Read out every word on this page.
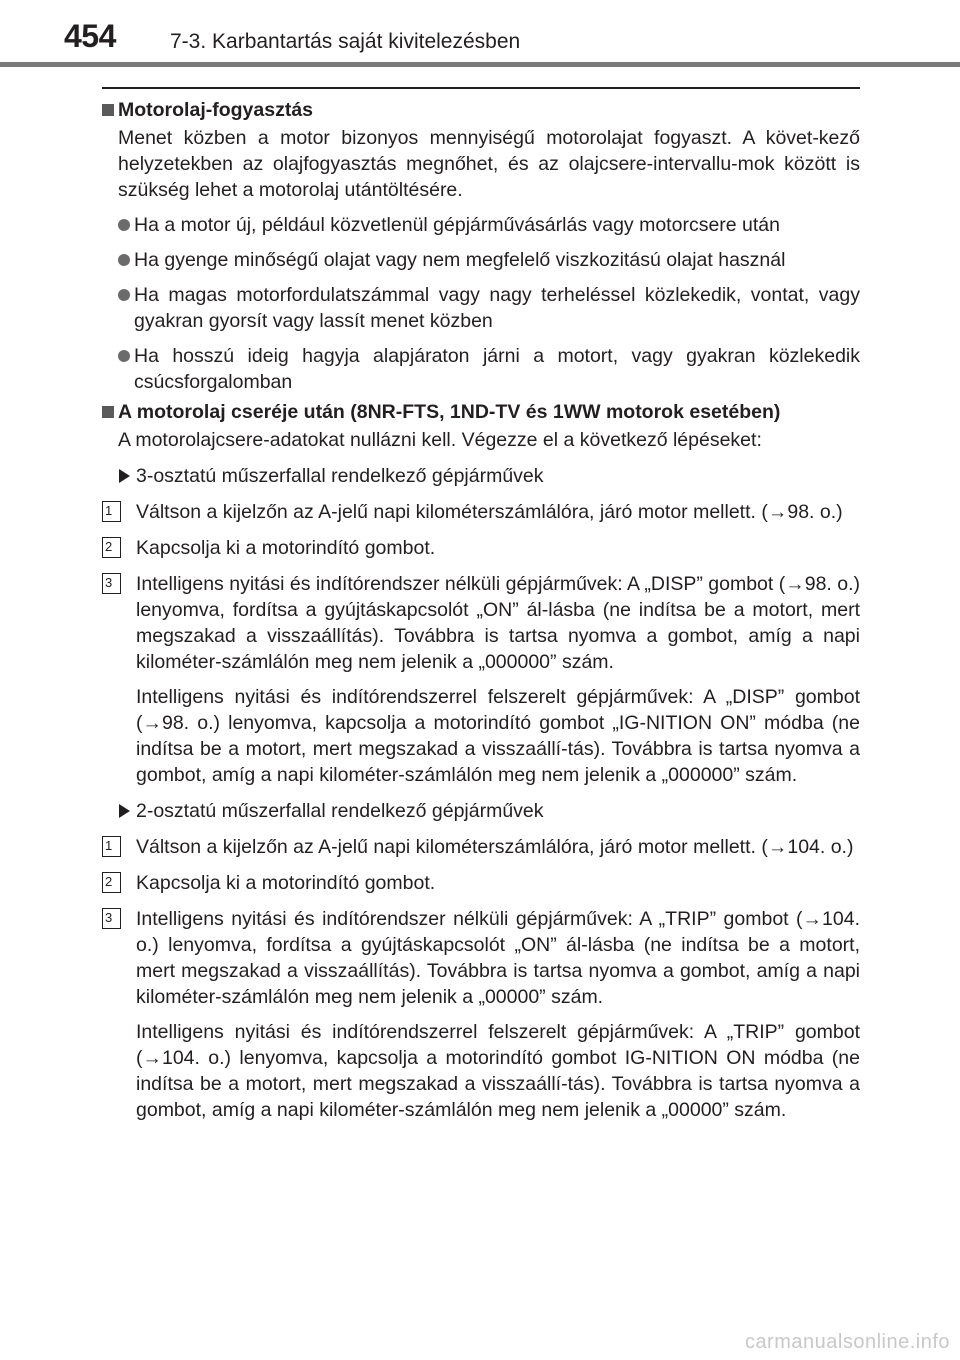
454	7-3. Karbantartás saját kivitelezésben
Motorolaj-fogyasztás
Menet közben a motor bizonyos mennyiségű motorolajat fogyaszt. A követ-kező helyzetekben az olajfogyasztás megnőhet, és az olajcsere-intervallu-mok között is szükség lehet a motorolaj utántöltésére.
Ha a motor új, például közvetlenül gépjárművásárlás vagy motorcsere után
Ha gyenge minőségű olajat vagy nem megfelelő viszkozitású olajat használ
Ha magas motorfordulatszámmal vagy nagy terheléssel közlekedik, vontat, vagy gyakran gyorsít vagy lassít menet közben
Ha hosszú ideig hagyja alapjáraton járni a motort, vagy gyakran közlekedik csúcsforgalomban
A motorolaj cseréje után (8NR-FTS, 1ND-TV és 1WW motorok esetében)
A motorolajcsere-adatokat nullázni kell. Végezze el a következő lépéseket:
3-osztatú műszerfallal rendelkező gépjárművek
1	Váltson a kijelzőn az A-jelű napi kilométerszámlálóra, járó motor mellett. (→98. o.)
2	Kapcsolja ki a motorindító gombot.
3	Intelligens nyitási és indítórendszer nélküli gépjárművek: A „DISP” gombot (→98. o.) lenyomva, fordítsa a gyújtáskapcsolót „ON” ál-lásba (ne indítsa be a motort, mert megszakad a visszaállítás). Továbbra is tartsa nyomva a gombot, amíg a napi kilométer-számlálón meg nem jelenik a „000000” szám.
Intelligens nyitási és indítórendszerrel felszerelt gépjárművek: A „DISP” gombot (→98. o.) lenyomva, kapcsolja a motorindító gombot „IG-NITION ON” módba (ne indítsa be a motort, mert megszakad a visszaállí-tás). Továbbra is tartsa nyomva a gombot, amíg a napi kilométer-számlálón meg nem jelenik a „000000” szám.
2-osztatú műszerfallal rendelkező gépjárművek
1	Váltson a kijelzőn az A-jelű napi kilométerszámlálóra, járó motor mellett. (→104. o.)
2	Kapcsolja ki a motorindító gombot.
3	Intelligens nyitási és indítórendszer nélküli gépjárművek: A „TRIP” gombot (→104. o.) lenyomva, fordítsa a gyújtáskapcsolót „ON” ál-lásba (ne indítsa be a motort, mert megszakad a visszaállítás). Továbbra is tartsa nyomva a gombot, amíg a napi kilométer-számlálón meg nem jelenik a „00000” szám.
Intelligens nyitási és indítórendszerrel felszerelt gépjárművek: A „TRIP” gombot (→104. o.) lenyomva, kapcsolja a motorindító gombot IG-NITION ON módba (ne indítsa be a motort, mert megszakad a visszaállí-tás). Továbbra is tartsa nyomva a gombot, amíg a napi kilométer-számlálón meg nem jelenik a „00000” szám.
carmanualsonline.info
